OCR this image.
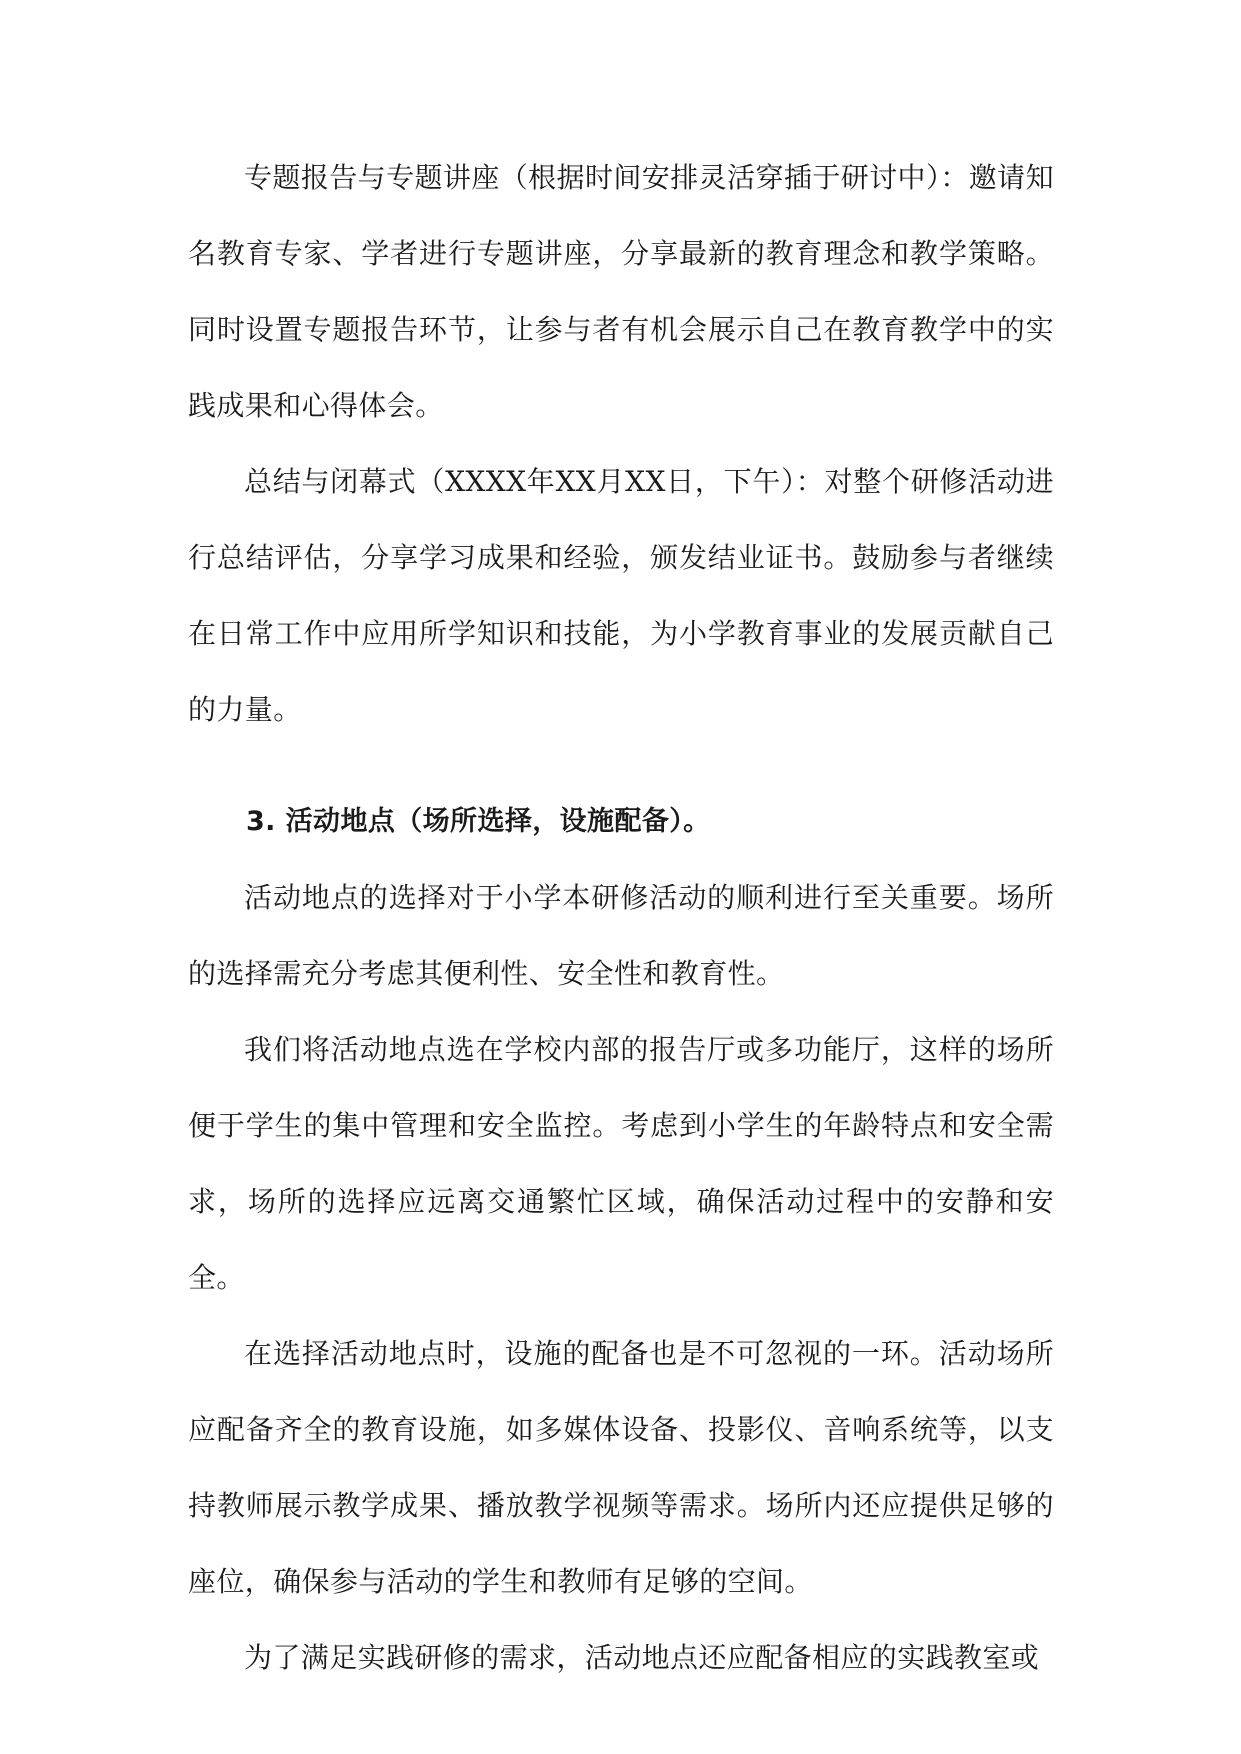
专题报告与专题讲座（根据时间安排灵活穿插于研讨中）：邀请知名教育专家、学者进行专题讲座，分享最新的教育理念和教学策略。同时设置专题报告环节，让参与者有机会展示自己在教育教学中的实践成果和心得体会。

总结与闭幕式（XXXX年XX月XX日，下午）：对整个研修活动进行总结评估，分享学习成果和经验，颁发结业证书。鼓励参与者继续在日常工作中应用所学知识和技能，为小学教育事业的发展贡献自己的力量。

3. 活动地点（场所选择，设施配备）。

活动地点的选择对于小学本研修活动的顺利进行至关重要。场所的选择需充分考虑其便利性、安全性和教育性。

我们将活动地点选在学校内部的报告厅或多功能厅，这样的场所便于学生的集中管理和安全监控。考虑到小学生的年龄特点和安全需求，场所的选择应远离交通繁忙区域，确保活动过程中的安静和安全。

在选择活动地点时，设施的配备也是不可忽视的一环。活动场所应配备齐全的教育设施，如多媒体设备、投影仪、音响系统等，以支持教师展示教学成果、播放教学视频等需求。场所内还应提供足够的座位，确保参与活动的学生和教师有足够的空间。

为了满足实践研修的需求，活动地点还应配备相应的实践教室或
